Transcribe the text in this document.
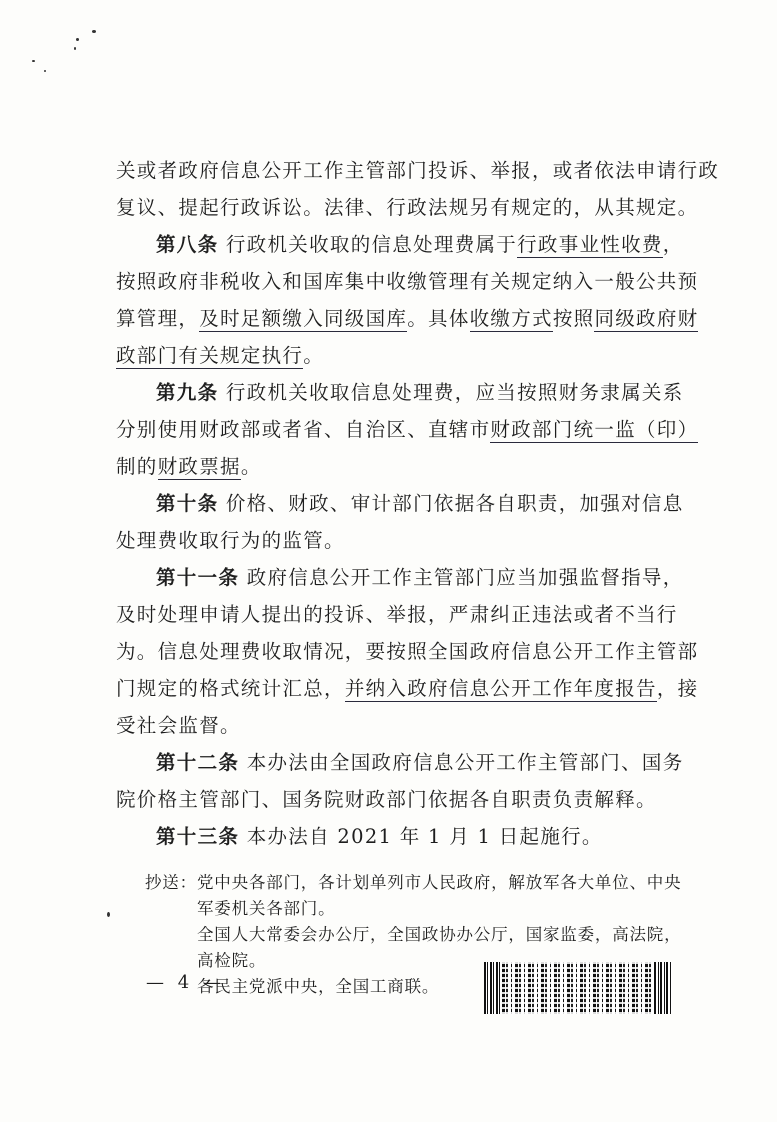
关或者政府信息公开工作主管部门投诉、举报，或者依法申请行政
复议、提起行政诉讼。法律、行政法规另有规定的，从其规定。
第八条 行政机关收取的信息处理费属于行政事业性收费，
按照政府非税收入和国库集中收缴管理有关规定纳入一般公共预
算管理，及时足额缴入同级国库。具体收缴方式按照同级政府财
政部门有关规定执行。
第九条 行政机关收取信息处理费，应当按照财务隶属关系
分别使用财政部或者省、自治区、直辖市财政部门统一监（印）
制的财政票据。
第十条 价格、财政、审计部门依据各自职责，加强对信息
处理费收取行为的监管。
第十一条 政府信息公开工作主管部门应当加强监督指导，
及时处理申请人提出的投诉、举报，严肃纠正违法或者不当行
为。信息处理费收取情况，要按照全国政府信息公开工作主管部
门规定的格式统计汇总，并纳入政府信息公开工作年度报告，接
受社会监督。
第十二条 本办法由全国政府信息公开工作主管部门、国务
院价格主管部门、国务院财政部门依据各自职责负责解释。
第十三条 本办法自 2021 年 1 月 1 日起施行。
抄送： 党中央各部门，各计划单列市人民政府，解放军各大单位、中央
军委机关各部门。
全国人大常委会办公厅，全国政协办公厅，国家监委，高法院，
高检院。
各民主党派中央，全国工商联。
— 4 —
